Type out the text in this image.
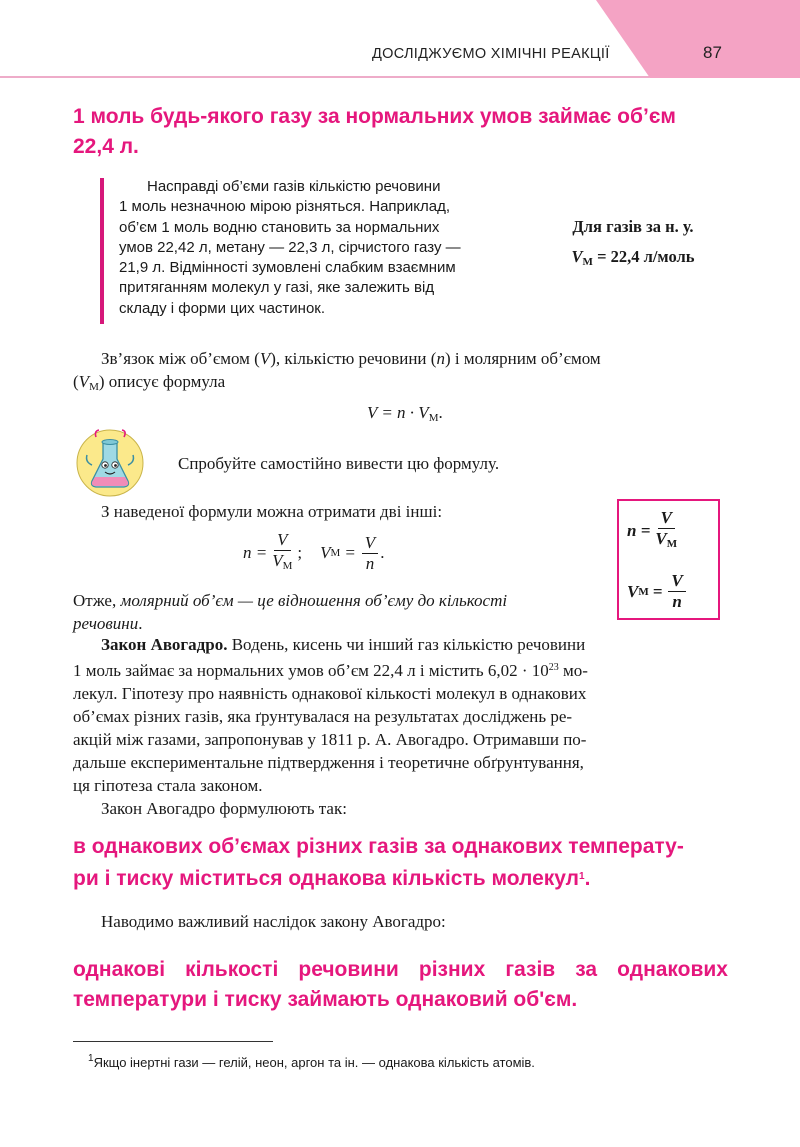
ДОСЛІДЖУЄМО ХІМІЧНІ РЕАКЦІЇ	87
1 моль будь-якого газу за нормальних умов займає об’єм
22,4 л.
Насправді об’єми газів кількістю речовини
1 моль незначною мірою різняться. Наприклад,
об’єм 1 моль водню становить за нормальних
умов 22,42 л, метану — 22,3 л, сірчистого газу —
21,9 л. Відмінності зумовлені слабким взаємним
притяганням молекул у газі, яке залежить від
складу і форми цих частинок.
Для газів за н. у.
$V_М = 22,4$ л/моль
Зв’язок між об’ємом (V), кількістю речовини (n) і молярним об’ємом
$(V_М)$ описує формула
$V = n \cdot V_М$.
Спробуйте самостійно вивести цю формулу.
З наведеної формули можна отримати дві інші:
$n = \frac{V}{V_М}$ ; V $М = \frac{V}{n}$ .
$n = \frac{V}{V_М}$
V $М = \frac{V}{n}$
Отже, молярний об’єм — це відношення об’єму до кількості
речовини.
Закон Авогадро. Водень, кисень чи інший газ кількістю речовини
1 моль займає за нормальних умов об’єм 22,4 л і містить $6,02 \cdot 10^{23}$ мо-
лекул. Гіпотезу про наявність однакової кількості молекул в однакових
об’ємах різних газів, яка ґрунтувалася на результатах досліджень ре-
акцій між газами, запропонував у 1811 р. А. Авогадро. Отримавши по-
дальше експериментальне підтвердження і теоретичне обґрунтування,
ця гіпотеза стала законом.
Закон Авогадро формулюють так:
в однакових об’ємах різних газів за однакових температу-
ри і тиску міститься однакова кількість молекул$^1$.
Наводимо важливий наслідок закону Авогадро:
однакові кількості речовини різних газів за однакових
температури і тиску займають однаковий об'єм.
$^1$Якщо інертні гази — гелій, неон, аргон та ін. — однакова кількість атомів.
